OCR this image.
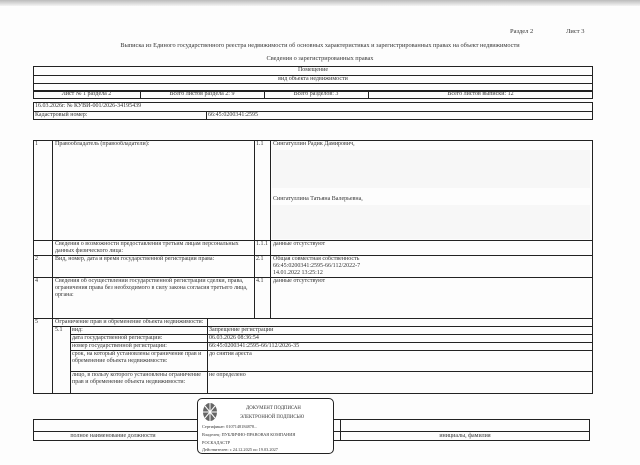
Раздел 2	Лист 3
Выписка из Единого государственного реестра недвижимости об основных характеристиках и зарегистрированных правах на объект недвижимости
Сведения о зарегистрированных правах
Помещение
вид объекта недвижимости
Лист № 1 раздела 2	Всего листов раздела 2: 9	Всего разделов: 3	Всего листов выписки: 12
16.03.2026г. № КУВИ-001/2026-34195439
Кадастровый номер:	66:45:0200341:2595
1	Правообладатель (правообладатели):	1.1 Сингатуллин Радик Дамирович,
Сингатуллина Татьяна Валерьевна,
Сведения о возможности предоставления третьим лицам персональных данных физического лица:
1.1.1 данные отсутствуют
2	Вид, номер, дата и время государственной регистрации права:	2.1 Общая совместная собственность
66:45:0200341:2595-66/112/2022-7
14.01.2022 13:25:12
4	Сведения об осуществлении государственной регистрации сделки, права, ограничения права без необходимого в силу закона согласия третьего лица, органа:
4.1 данные отсутствуют
5	Ограничение прав и обременение объекта недвижимости:
5.1 вид:	Запрещение регистрации
дата государственной регистрации:	06.03.2026 08:36:54
номер государственной регистрации:	66:45:0200341:2595-66/112/2026-35
срок, на который установлены ограничение прав и обременение объекта недвижимости:
до снятия ареста
лицо, в пользу которого установлены ограничение прав и обременение объекта недвижимости:
не определено
полное наименование должности	инициалы, фамилия
ДОКУМЕНТ ПОДПИСАН
ЭЛЕКТРОННОЙ ПОДПИСЬЮ
Сертификат: 0107148184878...
Владелец: ПУБЛИЧНО-ПРАВОВАЯ КОМПАНИЯ
РОСКАДАСТР
Действителен: с 24.12.2025 по 19.03.2027
